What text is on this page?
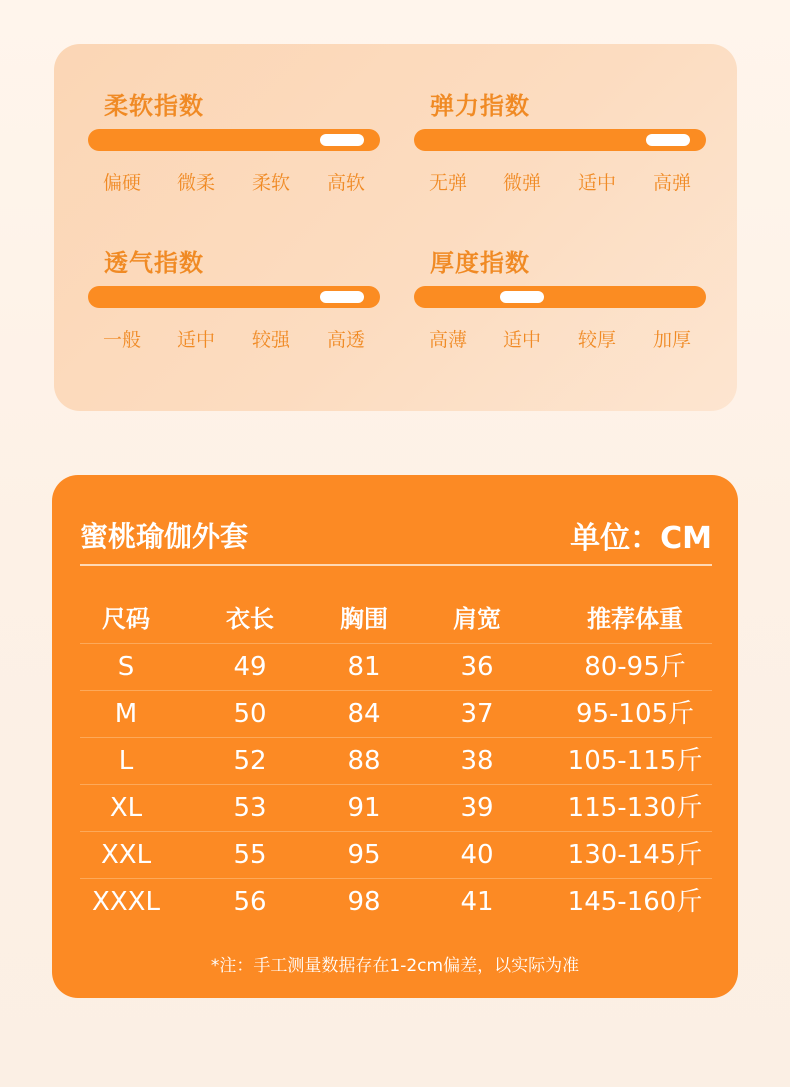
柔软指数
偏硬	微柔	柔软	高软
弹力指数
无弹	微弹	适中	高弹
透气指数
一般	适中	较强	高透
厚度指数
高薄	适中	较厚	加厚
蜜桃瑜伽外套	单位：CM
尺码	衣长	胸围	肩宽	推荐体重
S	49	81	36	80-95斤
M	50	84	37	95-105斤
L	52	88	38	105-115斤
XL	53	91	39	115-130斤
XXL	55	95	40	130-145斤
XXXL	56	98	41	145-160斤
*注：手工测量数据存在1-2cm偏差，以实际为准
